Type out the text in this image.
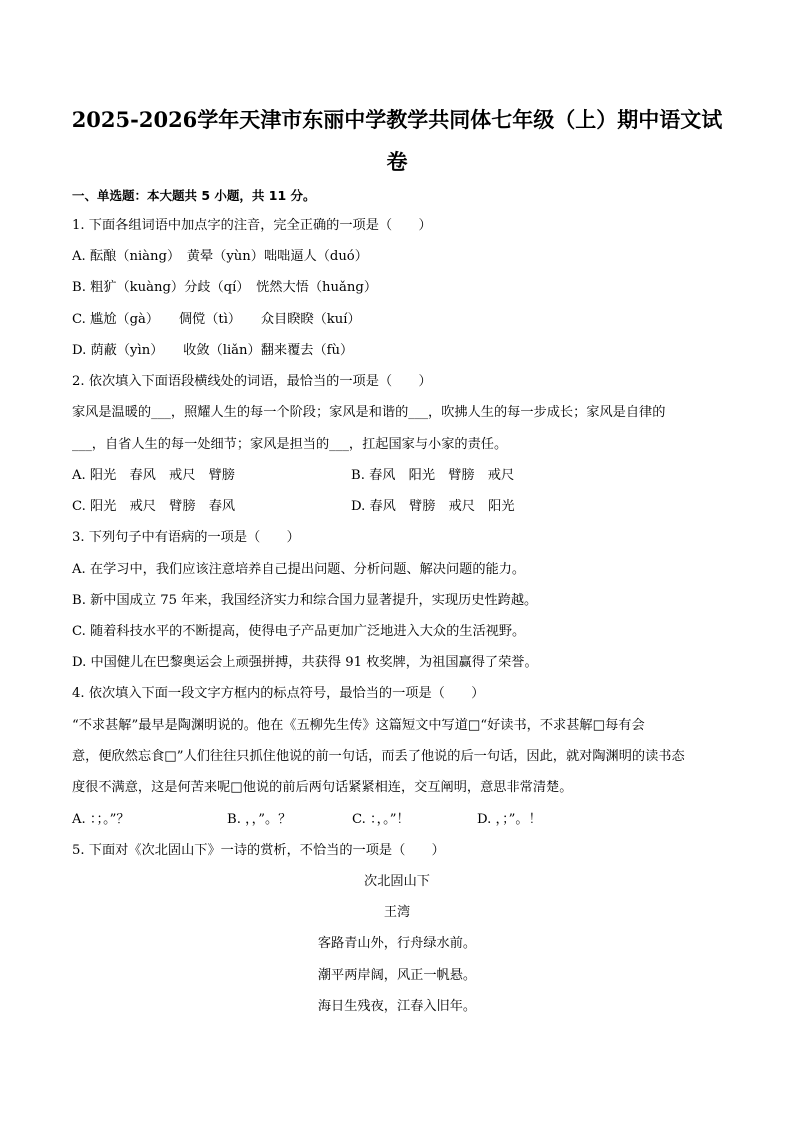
2025-2026学年天津市东丽中学教学共同体七年级（上）期中语文试
卷
一、单选题：本大题共 5 小题，共 11 分。
1. 下面各组词语中加点字的注音，完全正确的一项是（　　）
A. 酝酿（niàng）　黄晕（yùn）咄咄逼人（duó）
B. 粗犷（kuàng）分歧（qí）　恍然大悟（huǎng）
C. 尴尬（gà）　　倜傥（tì）　　众目睽睽（kuí）
D. 荫蔽（yìn）　　收敛（liǎn）翻来覆去（fù）
2. 依次填入下面语段横线处的词语，最恰当的一项是（　　）
家风是温暖的___，照耀人生的每一个阶段；家风是和谐的___，吹拂人生的每一步成长；家风是自律的
___，自省人生的每一处细节；家风是担当的___，扛起国家与小家的责任。
A. 阳光　春风　戒尺　臂膀	B. 春风　阳光　臂膀　戒尺
C. 阳光　戒尺　臂膀　春风	D. 春风　臂膀　戒尺　阳光
3. 下列句子中有语病的一项是（　　）
A. 在学习中，我们应该注意培养自己提出问题、分析问题、解决问题的能力。
B. 新中国成立 75 年来，我国经济实力和综合国力显著提升，实现历史性跨越。
C. 随着科技水平的不断提高，使得电子产品更加广泛地进入大众的生活视野。
D. 中国健儿在巴黎奥运会上顽强拼搏，共获得 91 枚奖牌，为祖国赢得了荣誉。
4. 依次填入下面一段文字方框内的标点符号，最恰当的一项是（　　）
“不求甚解”最早是陶渊明说的。他在《五柳先生传》这篇短文中写道□“好读书，不求甚解□每有会
意，便欣然忘食□”人们往往只抓住他说的前一句话，而丢了他说的后一句话，因此，就对陶渊明的读书态
度很不满意，这是何苦来呢□他说的前后两句话紧紧相连，交互阐明，意思非常清楚。
A. ：；。”？	B. ，，”。？	C. ：，。”！	D. ，；”。！
5. 下面对《次北固山下》一诗的赏析，不恰当的一项是（　　）
次北固山下
王湾
客路青山外，行舟绿水前。
潮平两岸阔，风正一帆悬。
海日生残夜，江春入旧年。
